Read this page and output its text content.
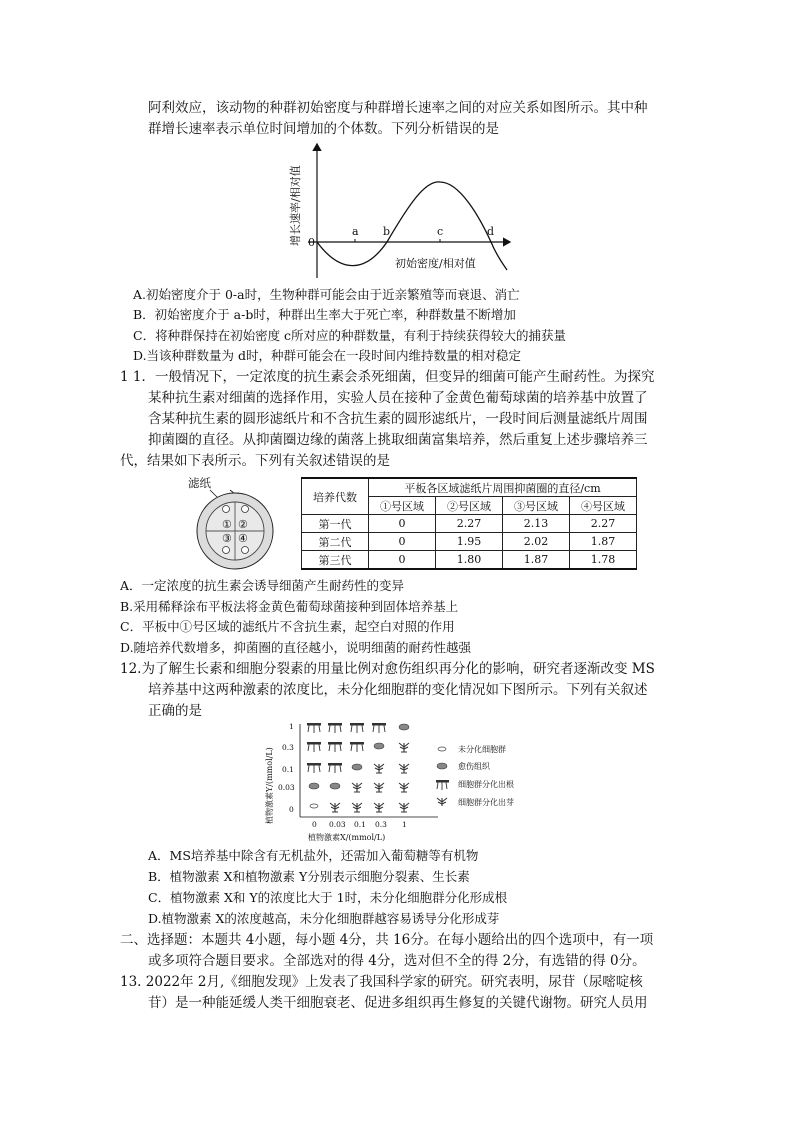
阿利效应，该动物的种群初始密度与种群增长速率之间的对应关系如图所示。其中种
群增长速率表示单位时间增加的个体数。下列分析错误的是
0
a b	c	d
初始密度/相对值
增长速率/相对值
A.初始密度介于 0-a时，生物种群可能会由于近亲繁殖等而衰退、消亡
B．初始密度介于 a-b时，种群出生率大于死亡率，种群数量不断增加
C．将种群保持在初始密度 c所对应的种群数量，有利于持续获得较大的捕获量
D.当该种群数量为 d时，种群可能会在一段时间内维持数量的相对稳定
1 1．一般情况下，一定浓度的抗生素会杀死细菌，但变异的细菌可能产生耐药性。为探究
某种抗生素对细菌的选择作用，实验人员在接种了金黄色葡萄球菌的培养基中放置了
含某种抗生素的圆形滤纸片和不含抗生素的圆形滤纸片，一段时间后测量滤纸片周围
抑菌圈的直径。从抑菌圈边缘的菌落上挑取细菌富集培养，然后重复上述步骤培养三
代，结果如下表所示。下列有关叙述错误的是
滤纸
① ②
③ ④
培养代数	平板各区域滤纸片周围抑菌圈的直径/cm			
	①号区域	②号区域	③号区域	④号区域
第一代	0	2.27	2.13	2.27
第二代	0	1.95	2.02	1.87
第三代	0	1.80	1.87	1.78
A．一定浓度的抗生素会诱导细菌产生耐药性的变异
B.采用稀释涂布平板法将金黄色葡萄球菌接种到固体培养基上
C．平板中①号区域的滤纸片不含抗生素，起空白对照的作用
D.随培养代数增多，抑菌圈的直径越小，说明细菌的耐药性越强
12.为了解生长素和细胞分裂素的用量比例对愈伤组织再分化的影响，研究者逐渐改变 MS
培养基中这两种激素的浓度比，未分化细胞群的变化情况如下图所示。下列有关叙述
正确的是
1
0.3
0.1
0.03
0
0 0.03 0.1 0.3 1
植物激素X/(mmol/L)
植物激素Y/(mmol/L)	未分化细胞群
愈伤组织
细胞群分化出根
细胞群分化出芽
A．MS培养基中除含有无机盐外，还需加入葡萄糖等有机物
B．植物激素 X和植物激素 Y分别表示细胞分裂素、生长素
C．植物激素 X和 Y的浓度比大于 1时，未分化细胞群分化形成根
D.植物激素 X的浓度越高，未分化细胞群越容易诱导分化形成芽
二、选择题：本题共 4小题，每小题 4分，共 16分。在每小题给出的四个选项中，有一项
或多项符合题目要求。全部选对的得 4分，选对但不全的得 2分，有选错的得 0分。
13. 2022年 2月,《细胞发现》上发表了我国科学家的研究。研究表明，尿苷（尿嘧啶核
苷）是一种能延缓人类干细胞衰老、促进多组织再生修复的关键代谢物。研究人员用
